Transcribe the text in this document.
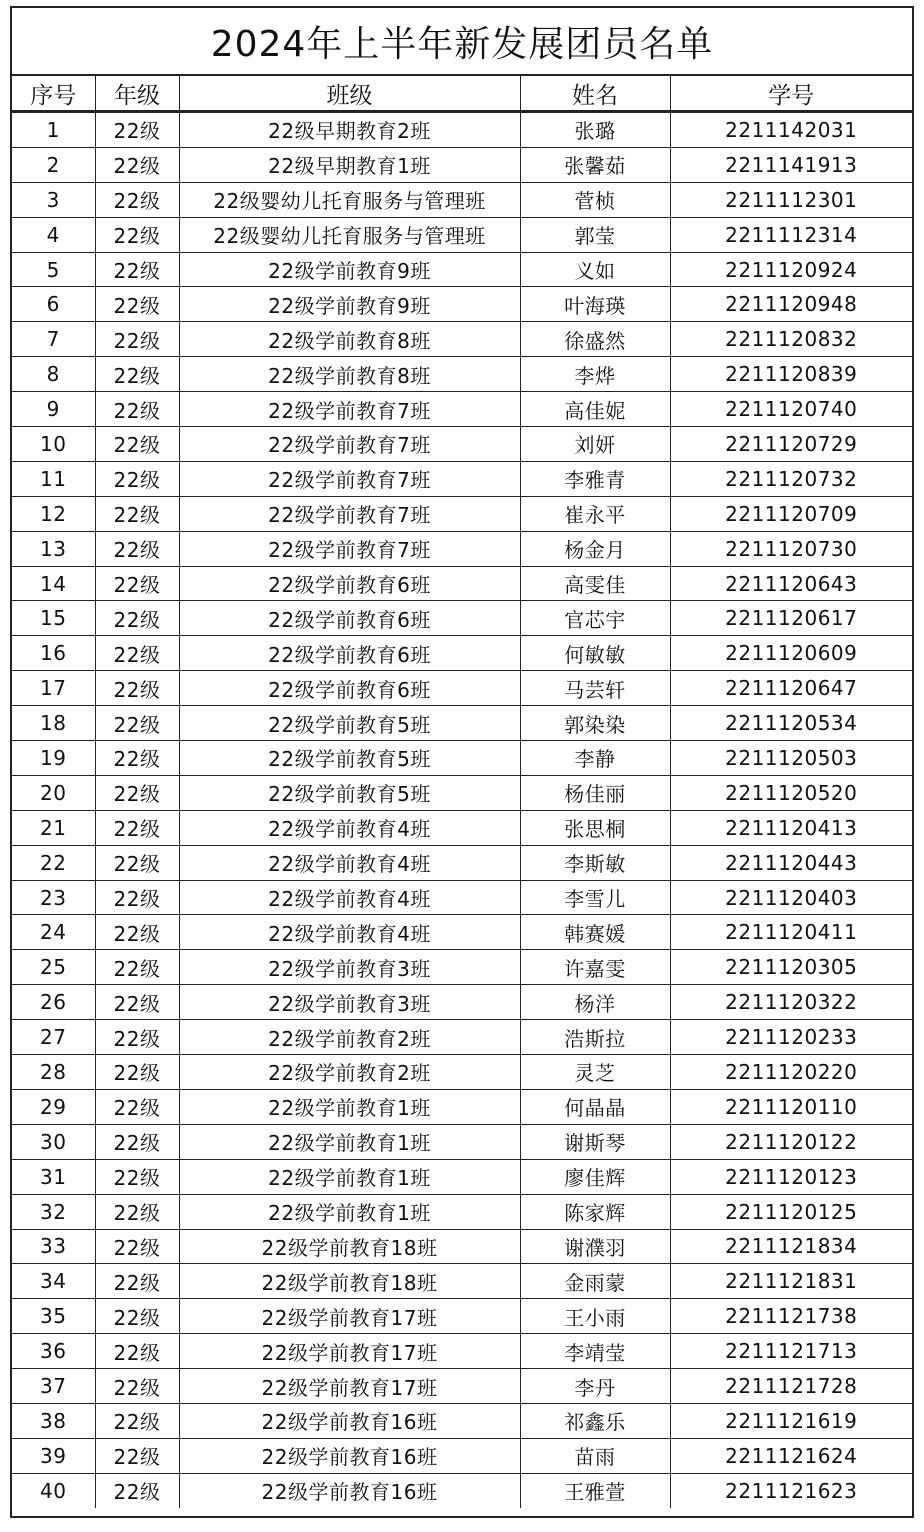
2024年上半年新发展团员名单
序号	年级	班级	姓名	学号
1	22级	22级早期教育2班	张璐	2211142031
2	22级	22级早期教育1班	张馨茹	2211141913
3	22级	22级婴幼儿托育服务与管理班	菅桢	2211112301
4	22级	22级婴幼儿托育服务与管理班	郭莹	2211112314
5	22级	22级学前教育9班	义如	2211120924
6	22级	22级学前教育9班	叶海瑛	2211120948
7	22级	22级学前教育8班	徐盛然	2211120832
8	22级	22级学前教育8班	李烨	2211120839
9	22级	22级学前教育7班	高佳妮	2211120740
10	22级	22级学前教育7班	刘妍	2211120729
11	22级	22级学前教育7班	李雅青	2211120732
12	22级	22级学前教育7班	崔永平	2211120709
13	22级	22级学前教育7班	杨金月	2211120730
14	22级	22级学前教育6班	高雯佳	2211120643
15	22级	22级学前教育6班	官芯宇	2211120617
16	22级	22级学前教育6班	何敏敏	2211120609
17	22级	22级学前教育6班	马芸轩	2211120647
18	22级	22级学前教育5班	郭染染	2211120534
19	22级	22级学前教育5班	李静	2211120503
20	22级	22级学前教育5班	杨佳丽	2211120520
21	22级	22级学前教育4班	张思桐	2211120413
22	22级	22级学前教育4班	李斯敏	2211120443
23	22级	22级学前教育4班	李雪儿	2211120403
24	22级	22级学前教育4班	韩赛媛	2211120411
25	22级	22级学前教育3班	许嘉雯	2211120305
26	22级	22级学前教育3班	杨洋	2211120322
27	22级	22级学前教育2班	浩斯拉	2211120233
28	22级	22级学前教育2班	灵芝	2211120220
29	22级	22级学前教育1班	何晶晶	2211120110
30	22级	22级学前教育1班	谢斯琴	2211120122
31	22级	22级学前教育1班	廖佳辉	2211120123
32	22级	22级学前教育1班	陈家辉	2211120125
33	22级	22级学前教育18班	谢濮羽	2211121834
34	22级	22级学前教育18班	金雨蒙	2211121831
35	22级	22级学前教育17班	王小雨	2211121738
36	22级	22级学前教育17班	李靖莹	2211121713
37	22级	22级学前教育17班	李丹	2211121728
38	22级	22级学前教育16班	祁鑫乐	2211121619
39	22级	22级学前教育16班	苗雨	2211121624
40	22级	22级学前教育16班	王雅萱	2211121623
